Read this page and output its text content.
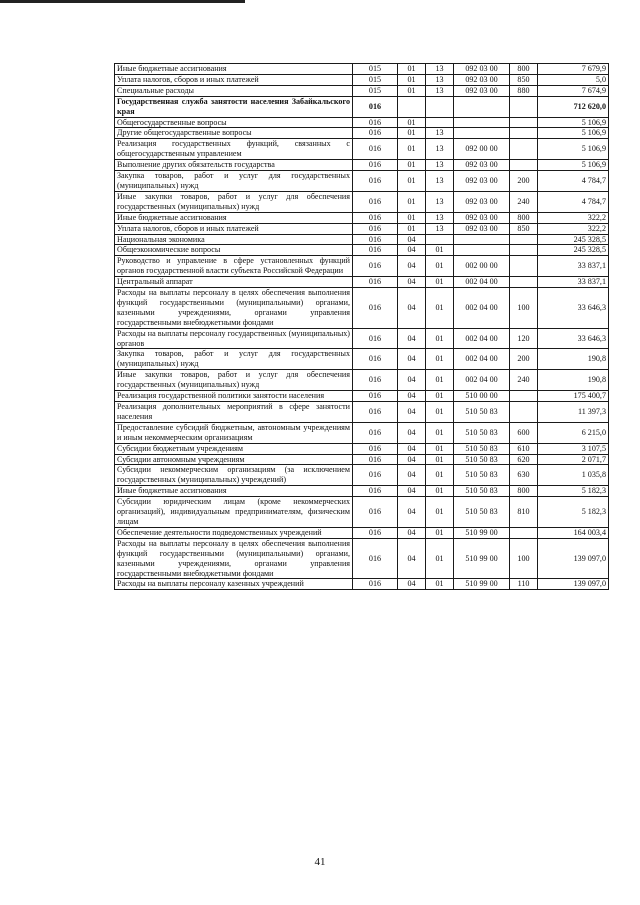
Иные бюджетные ассигнования	015	01	13	092 03 00	800	7 679,9
Уплата налогов, сборов и иных платежей	015	01	13	092 03 00	850	5,0
Специальные расходы	015	01	13	092 03 00	880	7 674,9
Государственная служба занятости населения Забайкальского края	016					712 620,0
Общегосударственные вопросы	016	01				5 106,9
Другие общегосударственные вопросы	016	01	13			5 106,9
Реализация государственных функций, связанных с общегосударственным управлением	016	01	13	092 00 00		5 106,9
Выполнение других обязательств государства	016	01	13	092 03 00		5 106,9
Закупка товаров, работ и услуг для государственных (муниципальных) нужд	016	01	13	092 03 00	200	4 784,7
Иные закупки товаров, работ и услуг для обеспечения государственных (муниципальных) нужд	016	01	13	092 03 00	240	4 784,7
Иные бюджетные ассигнования	016	01	13	092 03 00	800	322,2
Уплата налогов, сборов и иных платежей	016	01	13	092 03 00	850	322,2
Национальная экономика	016	04				245 328,5
Общеэкономические вопросы	016	04	01			245 328,5
Руководство и управление в сфере установленных функций органов государственной власти субъекта Российской Федерации	016	04	01	002 00 00		33 837,1
Центральный аппарат	016	04	01	002 04 00		33 837,1
Расходы на выплаты персоналу в целях обеспечения выполнения функций государственными (муниципальными) органами, казенными учреждениями, органами управления государственными внебюджетными фондами	016	04	01	002 04 00	100	33 646,3
Расходы на выплаты персоналу государственных (муниципальных) органов	016	04	01	002 04 00	120	33 646,3
Закупка товаров, работ и услуг для государственных (муниципальных) нужд	016	04	01	002 04 00	200	190,8
Иные закупки товаров, работ и услуг для обеспечения государственных (муниципальных) нужд	016	04	01	002 04 00	240	190,8
Реализация государственной политики занятости населения	016	04	01	510 00 00		175 400,7
Реализация дополнительных мероприятий в сфере занятости населения	016	04	01	510 50 83		11 397,3
Предоставление субсидий бюджетным, автономным учреждениям и иным некоммерческим организациям	016	04	01	510 50 83	600	6 215,0
Субсидии бюджетным учреждениям	016	04	01	510 50 83	610	3 107,5
Субсидии автономным учреждениям	016	04	01	510 50 83	620	2 071,7
Субсидии некоммерческим организациям (за исключением государственных (муниципальных) учреждений)	016	04	01	510 50 83	630	1 035,8
Иные бюджетные ассигнования	016	04	01	510 50 83	800	5 182,3
Субсидии юридическим лицам (кроме некоммерческих организаций), индивидуальным предпринимателям, физическим лицам	016	04	01	510 50 83	810	5 182,3
Обеспечение деятельности подведомственных учреждений	016	04	01	510 99 00		164 003,4
Расходы на выплаты персоналу в целях обеспечения выполнения функций государственными (муниципальными) органами, казенными учреждениями, органами управления государственными внебюджетными фондами	016	04	01	510 99 00	100	139 097,0
Расходы на выплаты персоналу казенных учреждений	016	04	01	510 99 00	110	139 097,0
41
